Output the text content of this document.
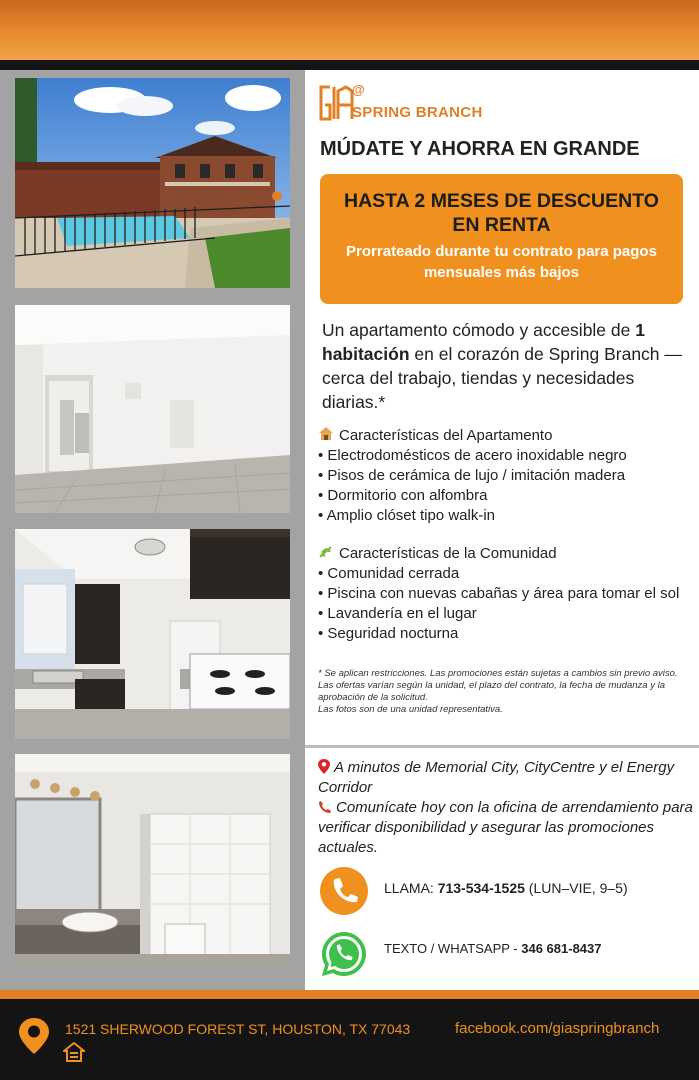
@
SPRING BRANCH
MÚDATE Y AHORRA EN GRANDE
HASTA 2 MESES DE DESCUENTO EN RENTA
Prorrateado durante tu contrato para pagos mensuales más bajos
Un apartamento cómodo y accesible de 1 habitación en el corazón de Spring Branch — cerca del trabajo, tiendas y necesidades diarias.*
Características del Apartamento
• Electrodomésticos de acero inoxidable negro
• Pisos de cerámica de lujo / imitación madera
• Dormitorio con alfombra
• Amplio clóset tipo walk-in
Características de la Comunidad
• Comunidad cerrada
• Piscina con nuevas cabañas y área para tomar el sol
• Lavandería en el lugar
• Seguridad nocturna
* Se aplican restricciones. Las promociones están sujetas a cambios sin previo aviso.
Las ofertas varían según la unidad, el plazo del contrato, la fecha de mudanza y la aprobación de la solicitud.
Las fotos son de una unidad representativa.
A minutos de Memorial City, CityCentre y el Energy Corridor
Comunícate hoy con la oficina de arrendamiento para verificar disponibilidad y asegurar las promociones actuales.
LLAMA: 713-534-1525 (LUN–VIE, 9–5)
TEXTO / WHATSAPP - 346 681-8437
1521 SHERWOOD FOREST ST, HOUSTON, TX 77043	facebook.com/giaspringbranch
